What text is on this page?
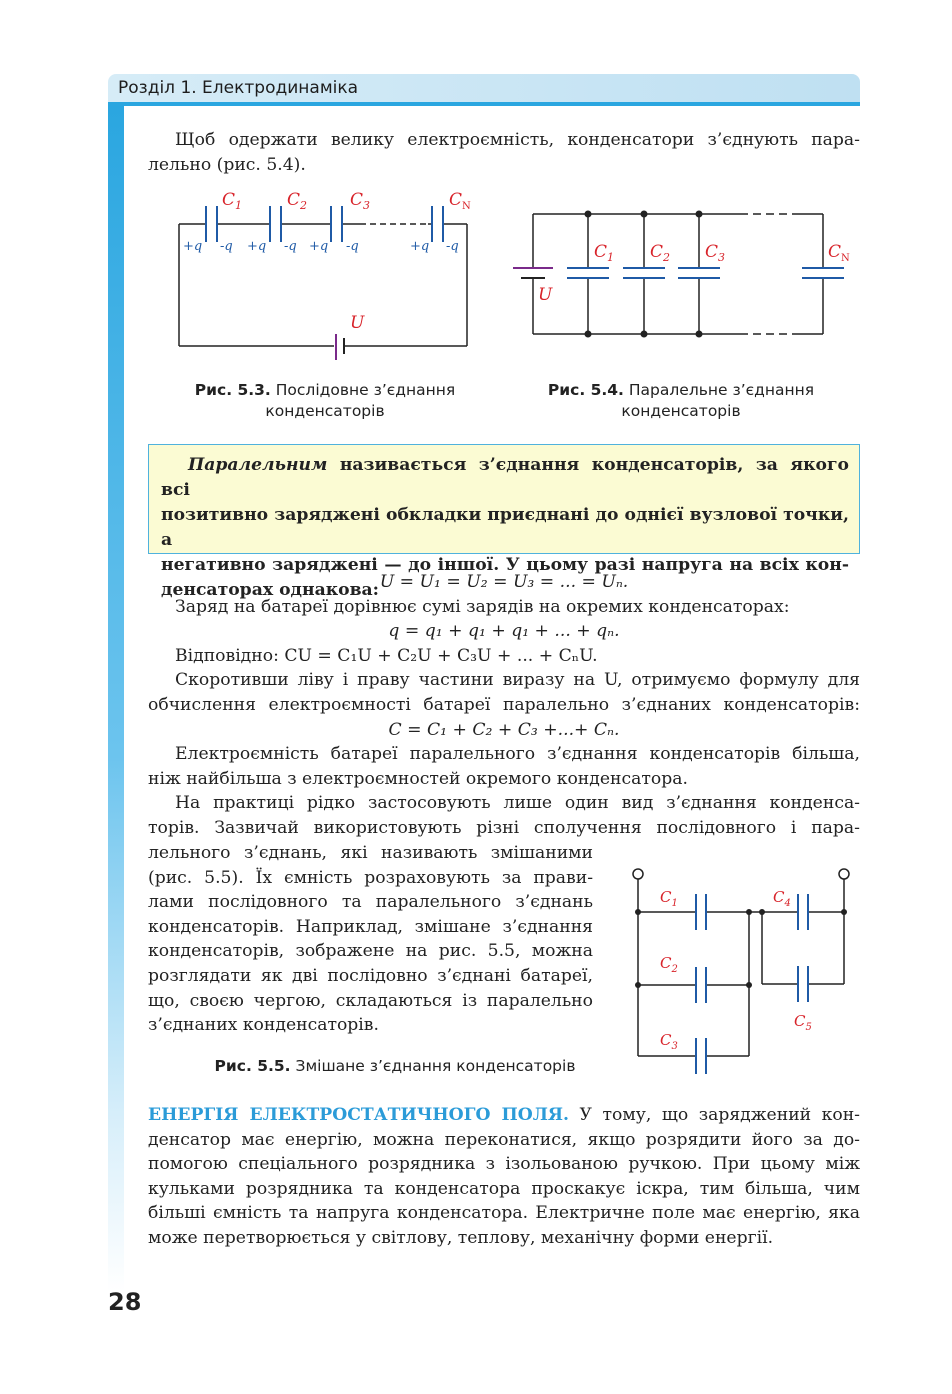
Розділ 1. Електродинаміка

Щоб одержати велику електроємність, конденсатори з’єднують пара-

лельно (рис. 5.4).

$C_1$	$C_2$	$C_3$	$C_N$
U
+q -q +q -q +q -q	+q -q
Рис. 5.3. Послідовне з’єднання
конденсаторів
$C_1$ $C_2$ $C_3$	$C_N$
U
Рис. 5.4. Паралельне з’єднання
конденсаторів
Паралельним називається з’єднання конденсаторів, за якого всі
позитивно заряджені обкладки приєднані до однієї вузлової точки, а
негативно заряджені — до іншої. У цьому разі напруга на всіх кон-
денсаторах однакова: U = U₁ = U₂ = U₃ = ... = Uₙ.

Заряд на батареї дорівнює сумі зарядів на окремих конденсаторах:

q = q₁ + q₁ + q₁ + ... + qₙ.

Відповідно: CU = C₁U + C₂U + C₃U + ... + CₙU.

Скоротивши ліву і праву частини виразу на U, отримуємо формулу для

обчислення електроємності батареї паралельно з’єднаних конденсаторів:

C = C₁ + C₂ + C₃ +...+ Cₙ.

Електроємність батареї паралельного з’єднання конденсаторів більша,

ніж найбільша з електроємностей окремого конденсатора.

На практиці рідко застосовують лише один вид з’єднання конденса-

торів. Зазвичай використовують різні сполучення послідовного і пара-

лельного з’єднань, які називають змішаними

(рис. 5.5). Їх ємність розраховують за прави-

лами послідовного та паралельного з’єднань

конденсаторів. Наприклад, змішане з’єднання

конденсаторів, зображене на рис. 5.5, можна

розглядати як дві послідовно з’єднані батареї,

що, своєю чергою, складаються із паралельно

з’єднаних конденсаторів.

$C_1$
$C_2$
$C_3$
$C_4$
$C_5$
Рис. 5.5. Змішане з’єднання конденсаторів

ЕНЕРГІЯ ЕЛЕКТРОСТАТИЧНОГО ПОЛЯ. У тому, що заряджений кон-

денсатор має енергію, можна переконатися, якщо розрядити його за до-

помогою спеціального розрядника з ізольованою ручкою. При цьому між

кульками розрядника та конденсатора проскакує іскра, тим більша, чим

більші ємність та напруга конденсатора. Електричне поле має енергію, яка

може перетворюється у світлову, теплову, механічну форми енергії.

28
